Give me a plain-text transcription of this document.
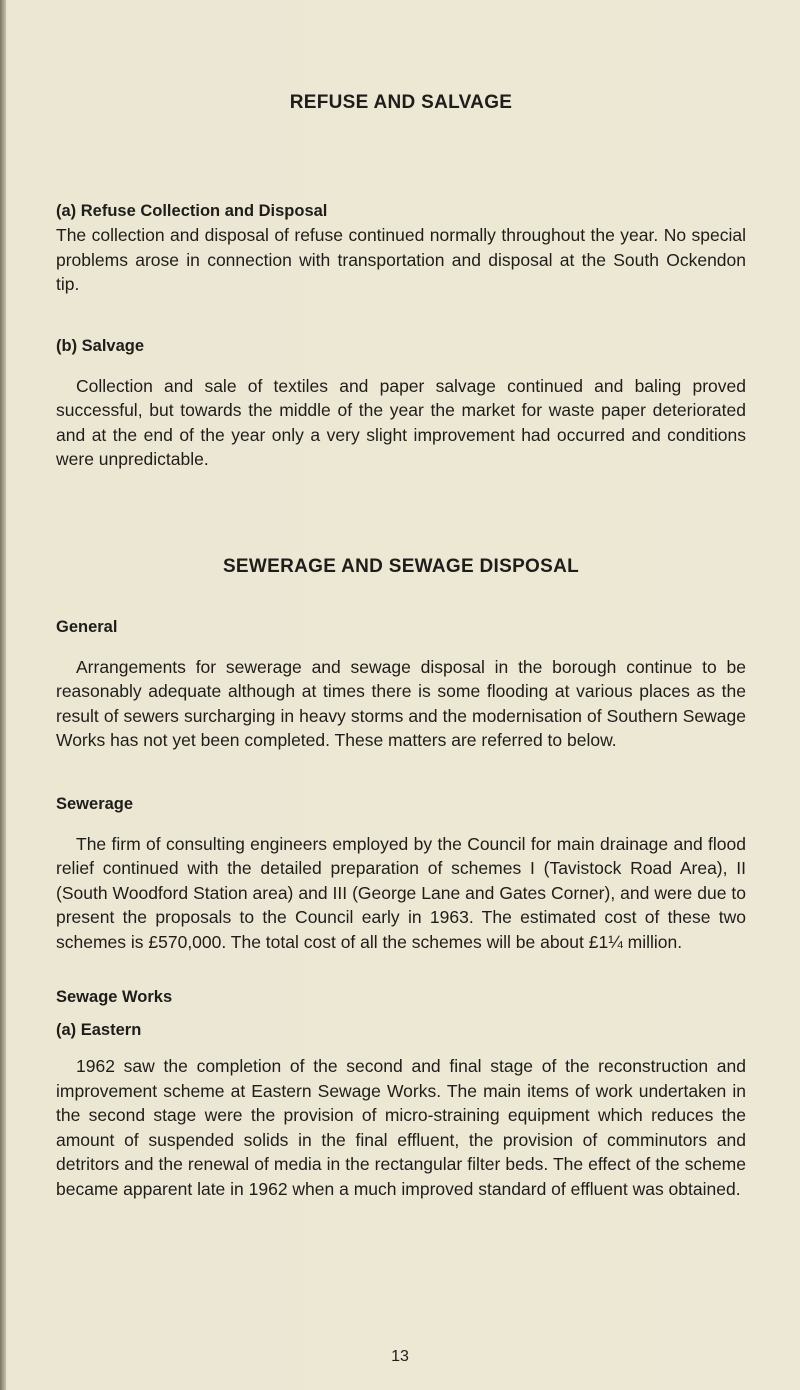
REFUSE AND SALVAGE
(a) Refuse Collection and Disposal

The collection and disposal of refuse continued normally throughout the year. No special problems arose in connection with transportation and disposal at the South Ockendon tip.

(b) Salvage

Collection and sale of textiles and paper salvage continued and baling proved successful, but towards the middle of the year the market for waste paper deteriorated and at the end of the year only a very slight improvement had occurred and conditions were unpredictable.

SEWERAGE AND SEWAGE DISPOSAL
General

Arrangements for sewerage and sewage disposal in the borough continue to be reasonably adequate although at times there is some flooding at various places as the result of sewers surcharging in heavy storms and the modernisation of Southern Sewage Works has not yet been completed. These matters are referred to below.

Sewerage

The firm of consulting engineers employed by the Council for main drainage and flood relief continued with the detailed preparation of schemes I (Tavistock Road Area), II (South Woodford Station area) and III (George Lane and Gates Corner), and were due to present the proposals to the Council early in 1963. The estimated cost of these two schemes is £570,000. The total cost of all the schemes will be about £1¼ million.

Sewage Works
(a) Eastern

1962 saw the completion of the second and final stage of the reconstruction and improvement scheme at Eastern Sewage Works. The main items of work undertaken in the second stage were the provision of micro-straining equipment which reduces the amount of suspended solids in the final effluent, the provision of comminutors and detritors and the renewal of media in the rectangular filter beds. The effect of the scheme became apparent late in 1962 when a much improved standard of effluent was obtained.

13
